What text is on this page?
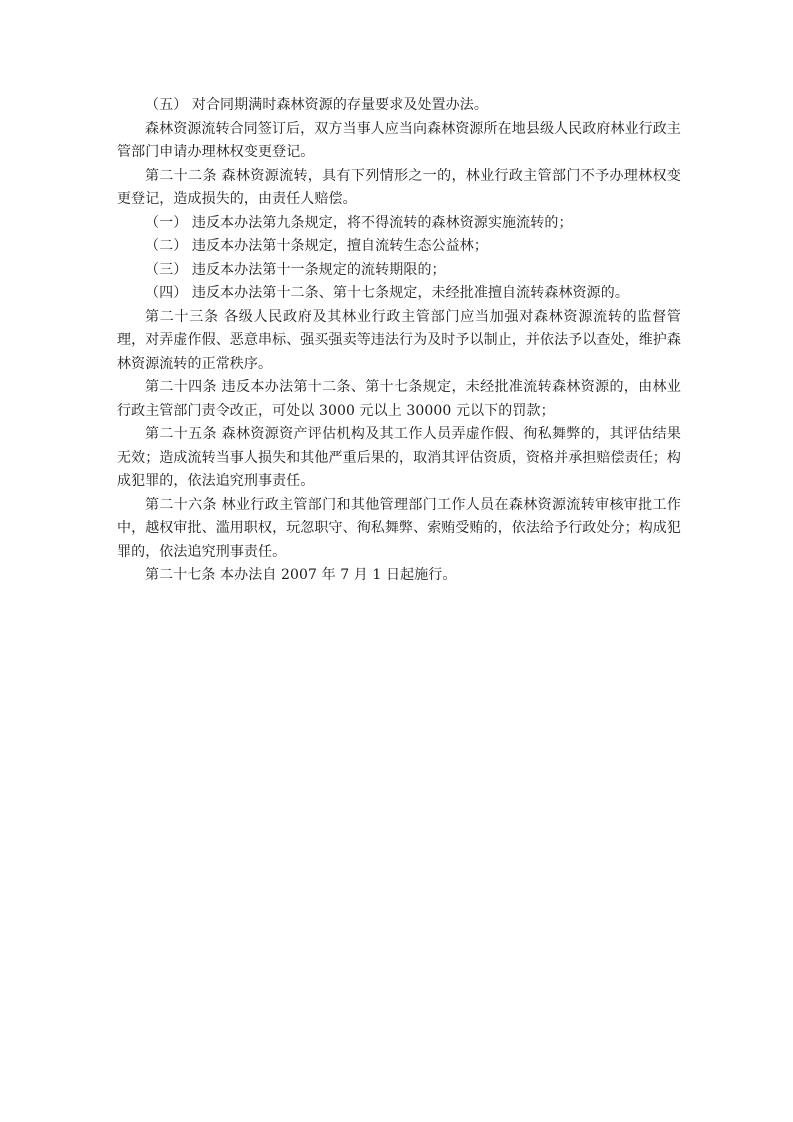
（五） 对合同期满时森林资源的存量要求及处置办法。

森林资源流转合同签订后，双方当事人应当向森林资源所在地县级人民政府林业行政主管部门申请办理林权变更登记。

第二十二条 森林资源流转，具有下列情形之一的，林业行政主管部门不予办理林权变更登记，造成损失的，由责任人赔偿。

（一） 违反本办法第九条规定，将不得流转的森林资源实施流转的；

（二） 违反本办法第十条规定，擅自流转生态公益林；

（三） 违反本办法第十一条规定的流转期限的；

（四） 违反本办法第十二条、第十七条规定，未经批准擅自流转森林资源的。

第二十三条 各级人民政府及其林业行政主管部门应当加强对森林资源流转的监督管理，对弄虚作假、恶意串标、强买强卖等违法行为及时予以制止，并依法予以查处，维护森林资源流转的正常秩序。

第二十四条 违反本办法第十二条、第十七条规定，未经批准流转森林资源的，由林业行政主管部门责令改正，可处以 3000 元以上 30000 元以下的罚款；

第二十五条 森林资源资产评估机构及其工作人员弄虚作假、徇私舞弊的，其评估结果无效；造成流转当事人损失和其他严重后果的，取消其评估资质，资格并承担赔偿责任；构成犯罪的，依法追究刑事责任。

第二十六条 林业行政主管部门和其他管理部门工作人员在森林资源流转审核审批工作中，越权审批、滥用职权，玩忽职守、徇私舞弊、索贿受贿的，依法给予行政处分；构成犯罪的，依法追究刑事责任。

第二十七条 本办法自 2007 年 7 月 1 日起施行。
